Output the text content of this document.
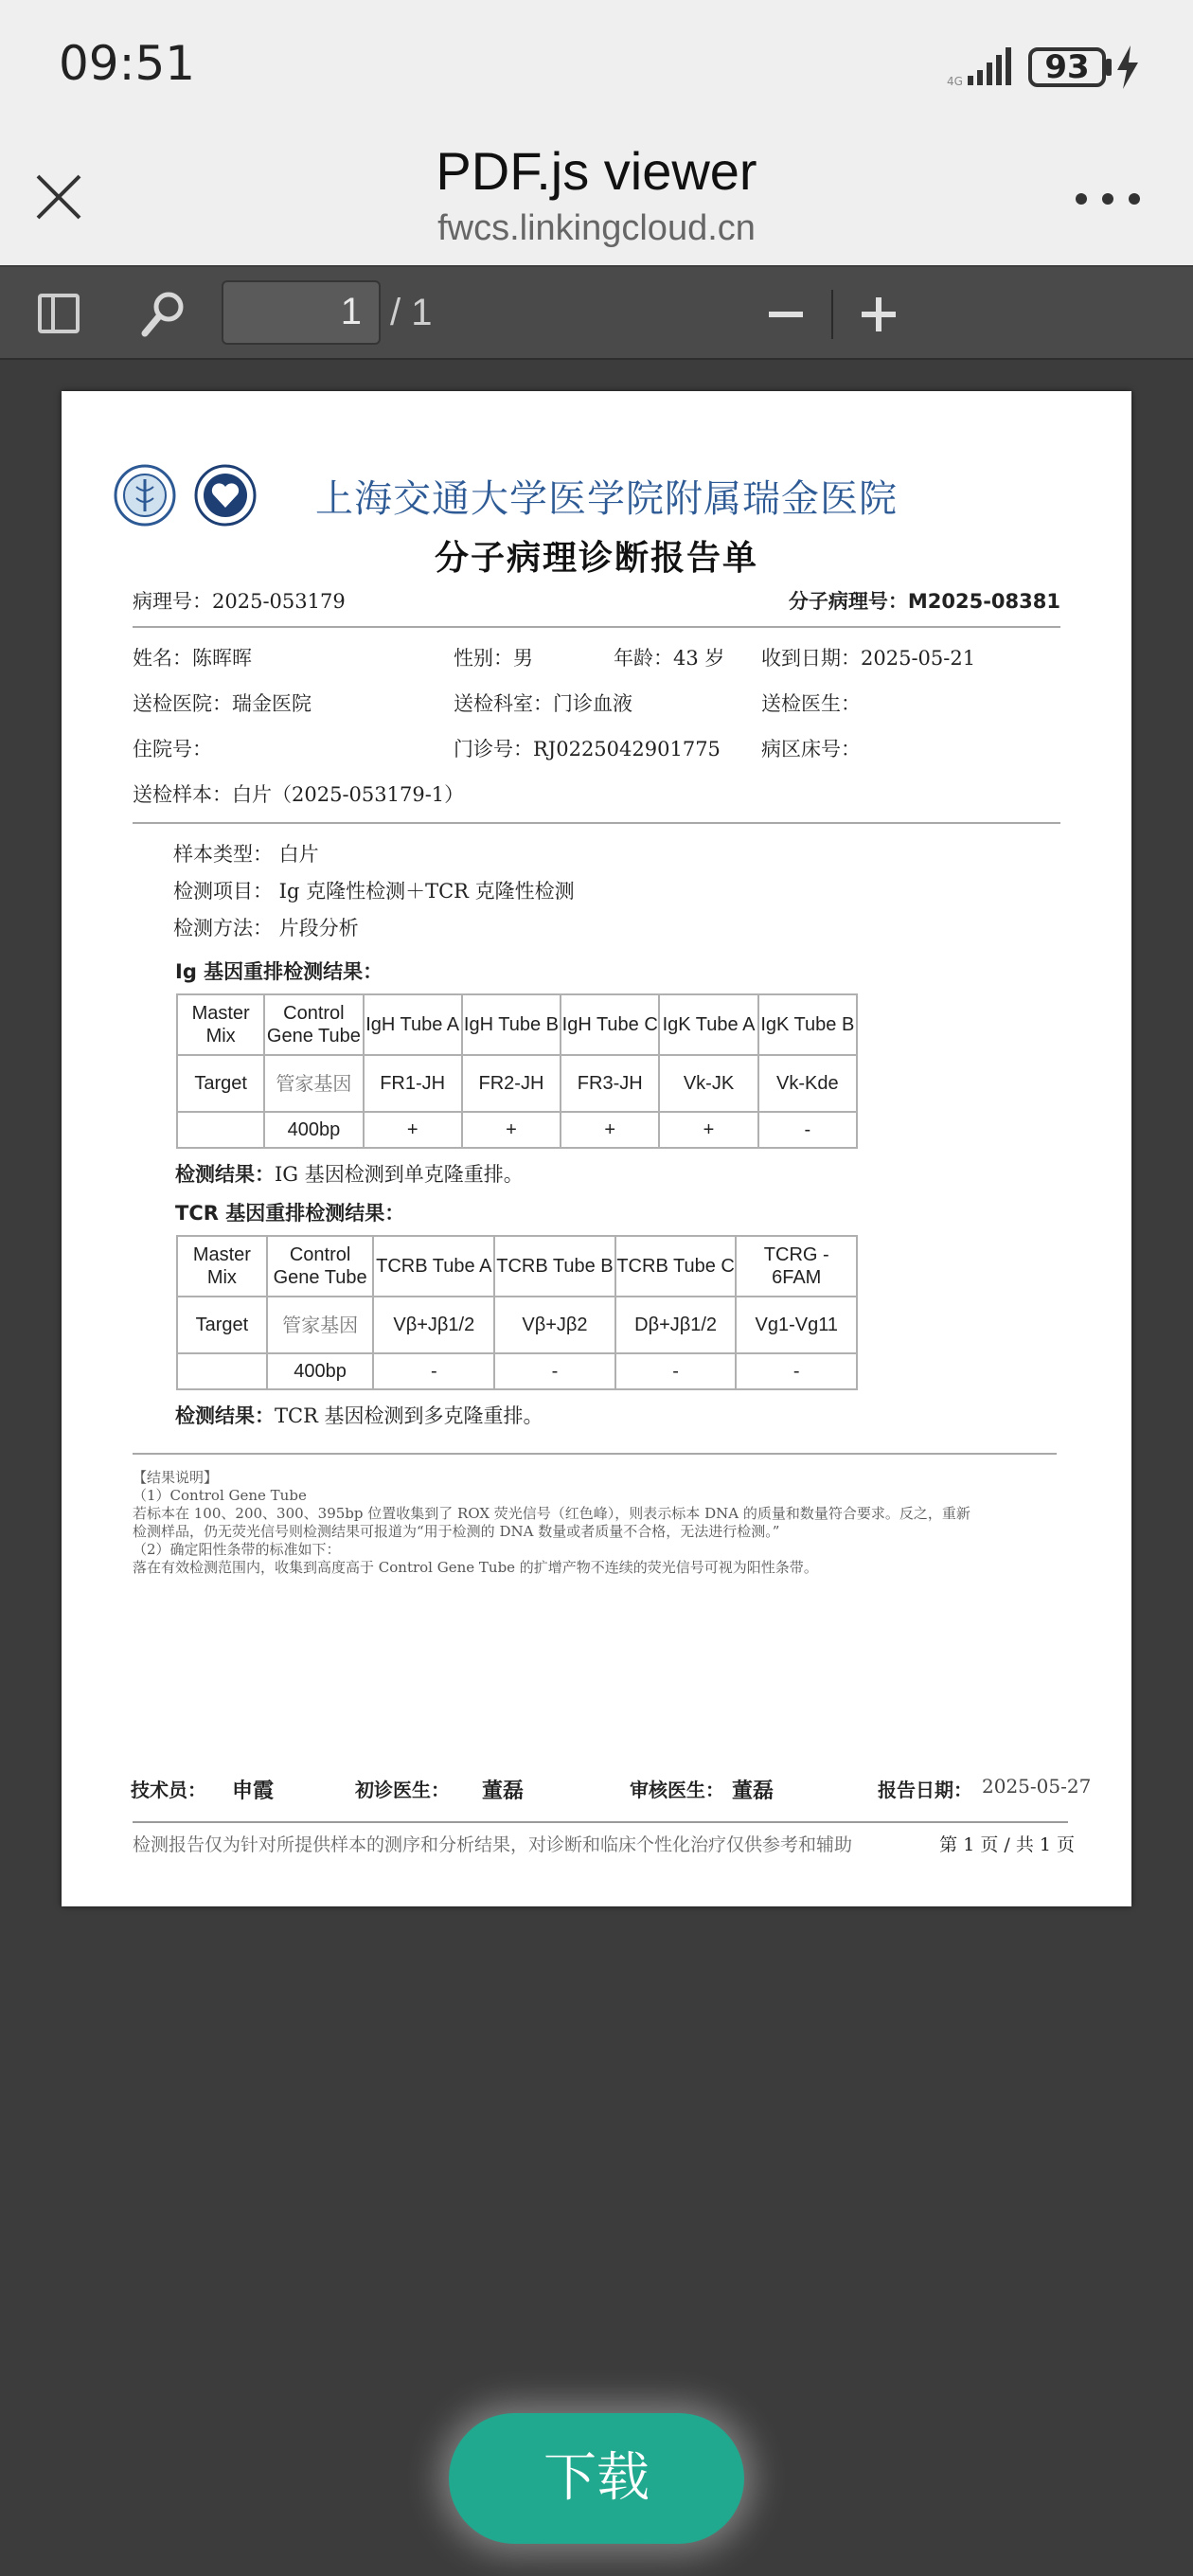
09:51	4G	93
PDF.js viewer
fwcs.linkingcloud.cn
1 / 1
上海交通大学医学院附属瑞金医院
分子病理诊断报告单
病理号：2025-053179	分子病理号：M2025-08381
姓名：陈晖晖	性别：男	年龄：43 岁 收到日期：2025-05-21
送检医院：瑞金医院	送检科室：门诊血液	送检医生：
住院号：	门诊号：RJ0225042901775 病区床号：
送检样本：白片（2025-053179-1）
样本类型： 白片
检测项目： Ig 克隆性检测＋TCR 克隆性检测
检测方法： 片段分析
Ig 基因重排检测结果：
Master Mix	Control Gene Tube	IgH Tube A	IgH Tube B	IgH Tube C	IgK Tube A	IgK Tube B
Target	管家基因	FR1-JH	FR2-JH	FR3-JH	Vk-JK	Vk-Kde
	400bp	+	+	+	+	-
检测结果：IG 基因检测到单克隆重排。
TCR 基因重排检测结果：
Master Mix	Control Gene Tube	TCRB Tube A	TCRB Tube B	TCRB Tube C	TCRG - 6FAM
Target	管家基因	Vβ+Jβ1/2	Vβ+Jβ2	Dβ+Jβ1/2	Vg1-Vg11
	400bp	-	-	-	-
检测结果：TCR 基因检测到多克隆重排。
【结果说明】
（1）Control Gene Tube
若标本在 100、200、300、395bp 位置收集到了 ROX 荧光信号（红色峰），则表示标本 DNA 的质量和数量符合要求。反之，重新
检测样品，仍无荧光信号则检测结果可报道为“用于检测的 DNA 数量或者质量不合格，无法进行检测。”
（2）确定阳性条带的标准如下：
落在有效检测范围内，收集到高度高于 Control Gene Tube 的扩增产物不连续的荧光信号可视为阳性条带。
技术员： 申霞	初诊医生： 董磊	审核医生： 董磊	报告日期： 2025-05-27
检测报告仅为针对所提供样本的测序和分析结果，对诊断和临床个性化治疗仅供参考和辅助	第 1 页 / 共 1 页
下载
